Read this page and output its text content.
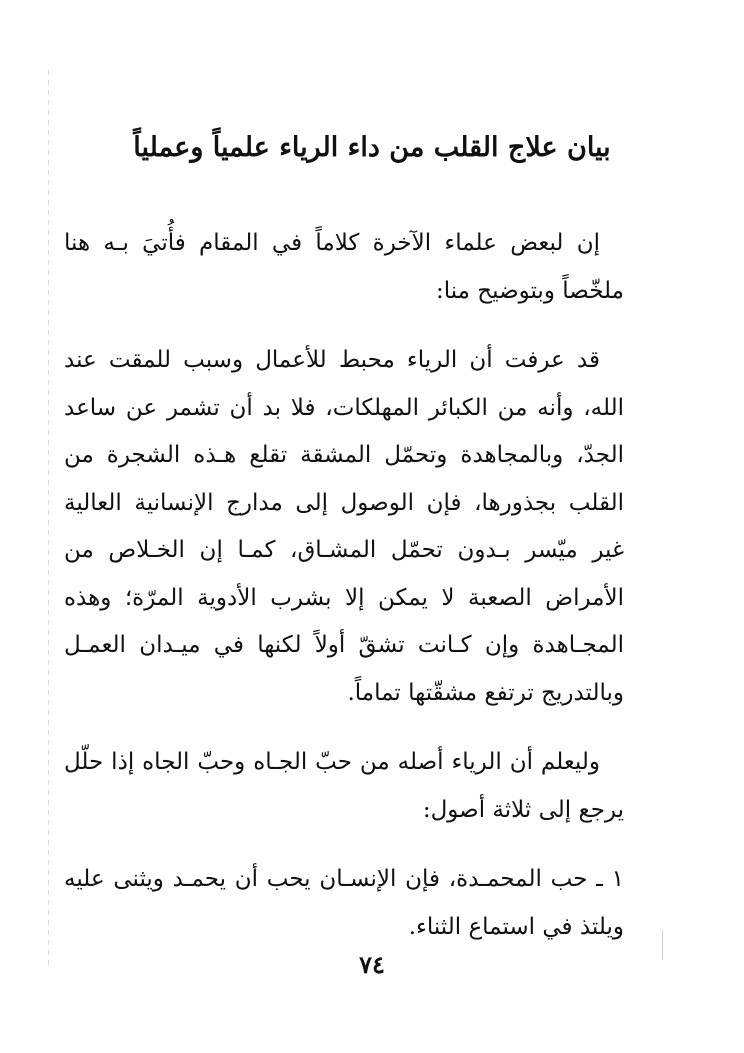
بيان علاج القلب من داء الرياء علمياً وعملياً

إن لبعض علماء الآخرة كلاماً في المقام فأُتيَ بـه هنا ملخّصاً وبتوضيح منا:

قد عرفت أن الرياء محبط للأعمال وسبب للمقت عند الله، وأنه من الكبائر المهلكات، فلا بد أن تشمر عن ساعد الجدّ، وبالمجاهدة وتحمّل المشقة تقلع هـذه الشجرة من القلب بجذورها، فإن الوصول إلى مدارج الإنسانية العالية غير ميّسر بـدون تحمّل المشـاق، كمـا إن الخـلاص من الأمراض الصعبة لا يمكن إلا بشرب الأدوية المرّة؛ وهذه المجـاهدة وإن كـانت تشقّ أولاً لكنها في ميـدان العمـل وبالتدريج ترتفع مشقّتها تماماً.

وليعلم أن الرياء أصله من حبّ الجـاه وحبّ الجاه إذا حلّل يرجع إلى ثلاثة أصول:

١ ـ حب المحمـدة، فإن الإنسـان يحب أن يحمـد ويثنى عليه ويلتذ في استماع الثناء.

٧٤
